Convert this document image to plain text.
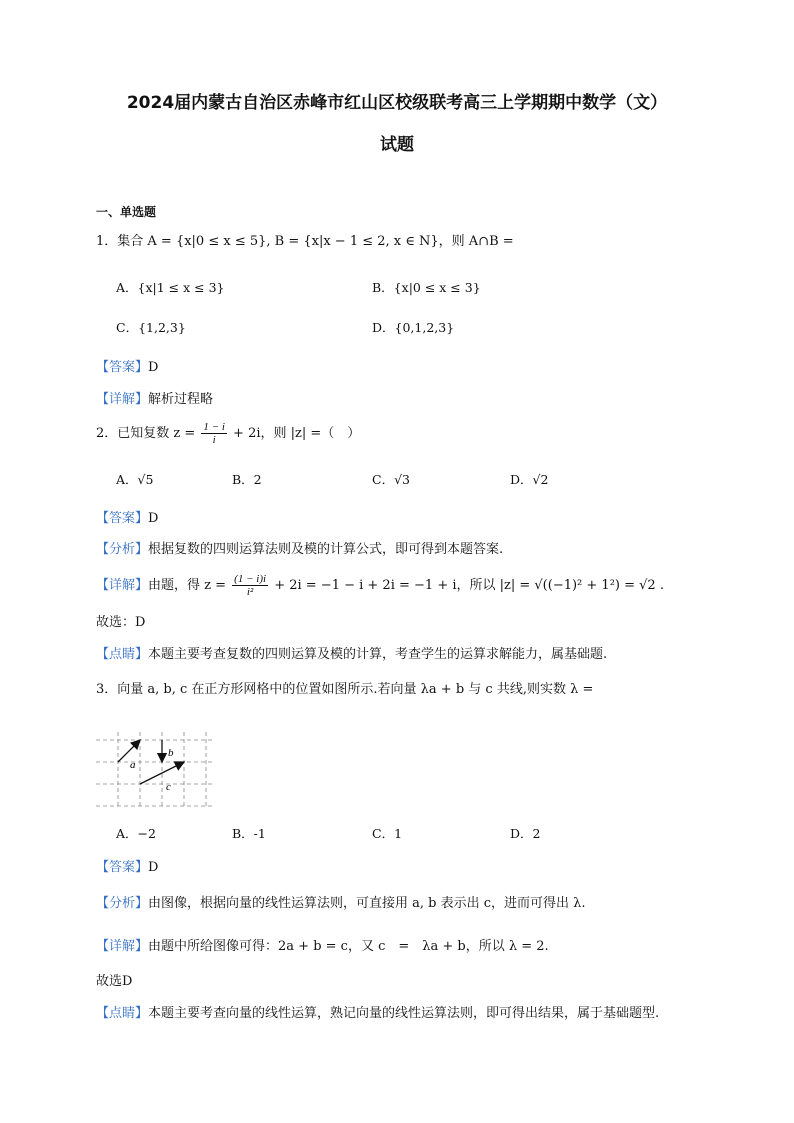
2024届内蒙古自治区赤峰市红山区校级联考高三上学期期中数学（文）
试题
一、单选题
1．集合 A = {x|0 ≤ x ≤ 5}, B = {x|x − 1 ≤ 2, x ∈ N}，则 A∩B =
A．{x|1 ≤ x ≤ 3}	B．{x|0 ≤ x ≤ 3}
C．{1,2,3}	D．{0,1,2,3}
【答案】D
【详解】解析过程略
2．已知复数 $z = \frac{1 - i}{i} + 2i$，则 |z| =（　）
A．√5	B．2	C．√3	D．√2
【答案】D
【分析】根据复数的四则运算法则及模的计算公式，即可得到本题答案.
【详解】由题，得 $z = \frac{(1 - i)i}{\text{i²}} + 2i = -1 - i + 2i = -1 + i$，所以 |z| = √((−1)² + 1²) = √2 .
故选：D
【点睛】本题主要考查复数的四则运算及模的计算，考查学生的运算求解能力，属基础题.
3．向量 a, b, c 在正方形网格中的位置如图所示.若向量 λa + b 与 c 共线,则实数 λ =
a
b
c
A．−2	B．-1	C．1	D．2
【答案】D
【分析】由图像，根据向量的线性运算法则，可直接用 a, b 表示出 c，进而可得出 λ.
【详解】由题中所给图像可得：2a + b = c，又 c　=　λa + b，所以 λ = 2.
故选D
【点睛】本题主要考查向量的线性运算，熟记向量的线性运算法则，即可得出结果，属于基础题型.
